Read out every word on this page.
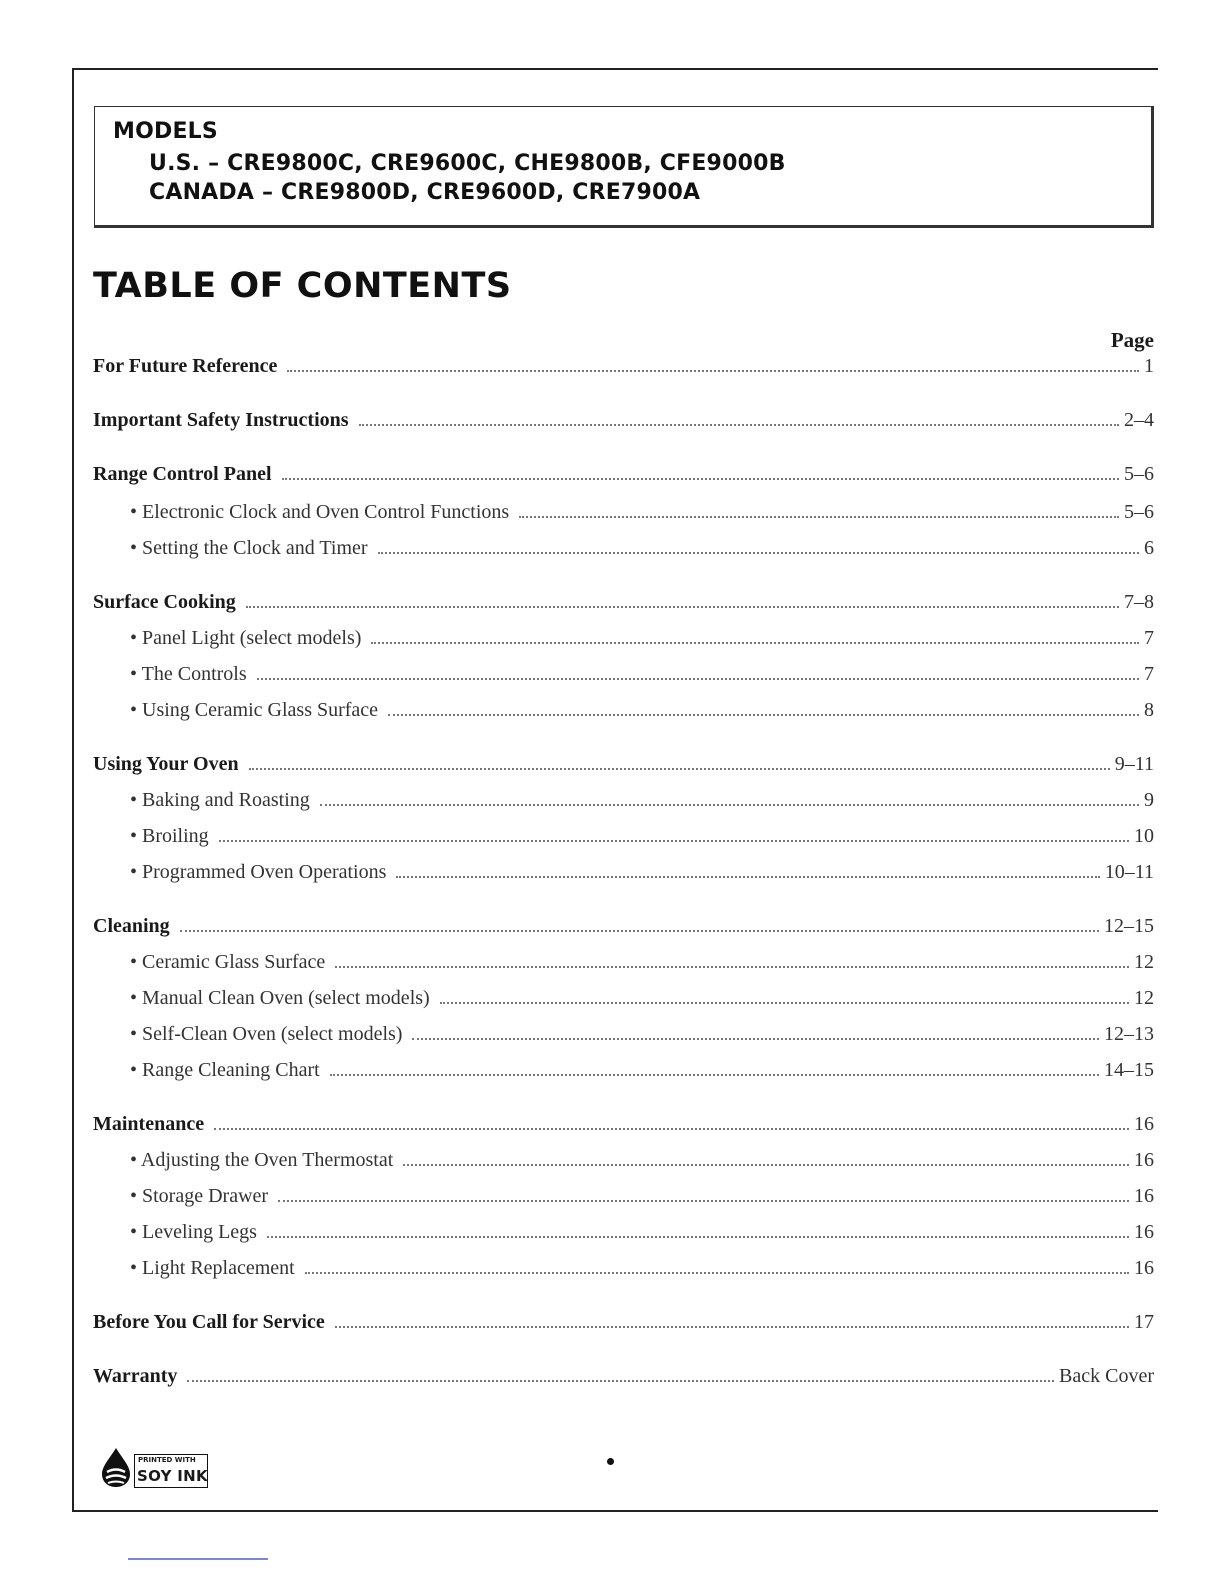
MODELS
U.S. – CRE9800C, CRE9600C, CHE9800B, CFE9000B
CANADA – CRE9800D, CRE9600D, CRE7900A
TABLE OF CONTENTS
Page
For Future Reference	1
Important Safety Instructions	2–4
Range Control Panel	5–6
• Electronic Clock and Oven Control Functions	5–6
• Setting the Clock and Timer	6
Surface Cooking	7–8
• Panel Light (select models)	7
• The Controls	7
• Using Ceramic Glass Surface	8
Using Your Oven	9–11
• Baking and Roasting	9
• Broiling	10
• Programmed Oven Operations	10–11
Cleaning	12–15
• Ceramic Glass Surface	12
• Manual Clean Oven (select models)	12
• Self-Clean Oven (select models)	12–13
• Range Cleaning Chart	14–15
Maintenance	16
• Adjusting the Oven Thermostat	16
• Storage Drawer	16
• Leveling Legs	16
• Light Replacement	16
Before You Call for Service	17
Warranty	Back Cover
PRINTED WITH
SOY INK
